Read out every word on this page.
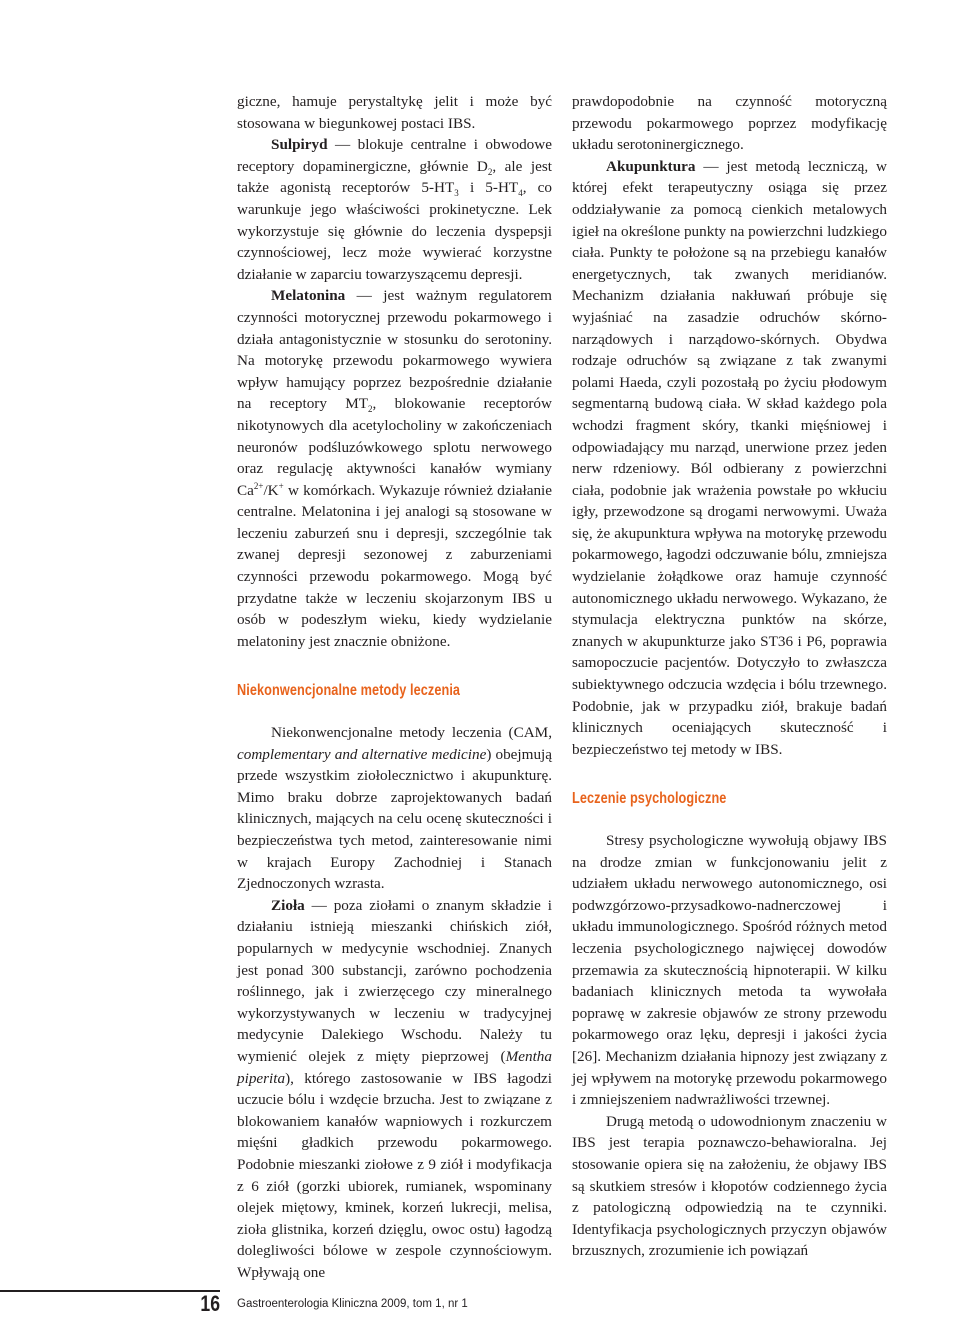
giczne, hamuje perystaltykę jelit i może być stosowana w biegunkowej postaci IBS.

Sulpiryd — blokuje centralne i obwodowe receptory dopaminergiczne, głównie $D_2$, ale jest także agonistą receptorów $5-HT_3$ i $5-HT_4$, co warunkuje jego właściwości prokinetyczne. Lek wykorzystuje się głównie do leczenia dyspepsji czynnościowej, lecz może wywierać korzystne działanie w zaparciu towarzyszącemu depresji.

Melatonina — jest ważnym regulatorem czynności motorycznej przewodu pokarmowego i działa antagonistycznie w stosunku do serotoniny. Na motorykę przewodu pokarmowego wywiera wpływ hamujący poprzez bezpośrednie działanie na receptory $MT_2$, blokowanie receptorów nikotynowych dla acetylocholiny w zakończeniach neuronów podśluzówkowego splotu nerwowego oraz regulację aktywności kanałów wymiany $Ca^{2+}/K^+$ w komórkach. Wykazuje również działanie centralne. Melatonina i jej analogi są stosowane w leczeniu zaburzeń snu i depresji, szczególnie tak zwanej depresji sezonowej z zaburzeniami czynności przewodu pokarmowego. Mogą być przydatne także w leczeniu skojarzonym IBS u osób w podeszłym wieku, kiedy wydzielanie melatoniny jest znacznie obniżone.

Niekonwencjonalne metody leczenia

Niekonwencjonalne metody leczenia (CAM, complementary and alternative medicine) obejmują przede wszystkim ziołolecznictwo i akupunkturę. Mimo braku dobrze zaprojektowanych badań klinicznych, mających na celu ocenę skuteczności i bezpieczeństwa tych metod, zainteresowanie nimi w krajach Europy Zachodniej i Stanach Zjednoczonych wzrasta.

Zioła — poza ziołami o znanym składzie i działaniu istnieją mieszanki chińskich ziół, popularnych w medycynie wschodniej. Znanych jest ponad 300 substancji, zarówno pochodzenia roślinnego, jak i zwierzęcego czy mineralnego wykorzystywanych w leczeniu w tradycyjnej medycynie Dalekiego Wschodu. Należy tu wymienić olejek z mięty pieprzowej (Mentha piperita), którego zastosowanie w IBS łagodzi uczucie bólu i wzdęcie brzucha. Jest to związane z blokowaniem kanałów wapniowych i rozkurczem mięśni gładkich przewodu pokarmowego. Podobnie mieszanki ziołowe z 9 ziół i modyfikacja z 6 ziół (gorzki ubiorek, rumianek, wspominany olejek miętowy, kminek, korzeń lukrecji, melisa, zioła glistnika, korzeń dzięglu, owoc ostu) łagodzą dolegliwości bólowe w zespole czynnościowym. Wpływają one

prawdopodobnie na czynność motoryczną przewodu pokarmowego poprzez modyfikację układu serotoninergicznego.

Akupunktura — jest metodą leczniczą, w której efekt terapeutyczny osiąga się przez oddziaływanie za pomocą cienkich metalowych igieł na określone punkty na powierzchni ludzkiego ciała. Punkty te położone są na przebiegu kanałów energetycznych, tak zwanych meridianów. Mechanizm działania nakłuwań próbuje się wyjaśniać na zasadzie odruchów skórno-narządowych i narządowo-skórnych. Obydwa rodzaje odruchów są związane z tak zwanymi polami Haeda, czyli pozostałą po życiu płodowym segmentarną budową ciała. W skład każdego pola wchodzi fragment skóry, tkanki mięśniowej i odpowiadający mu narząd, unerwione przez jeden nerw rdzeniowy. Ból odbierany z powierzchni ciała, podobnie jak wrażenia powstałe po wkłuciu igły, przewodzone są drogami nerwowymi. Uważa się, że akupunktura wpływa na motorykę przewodu pokarmowego, łagodzi odczuwanie bólu, zmniejsza wydzielanie żołądkowe oraz hamuje czynność autonomicznego układu nerwowego. Wykazano, że stymulacja elektryczna punktów na skórze, znanych w akupunkturze jako ST36 i P6, poprawia samopoczucie pacjentów. Dotyczyło to zwłaszcza subiektywnego odczucia wzdęcia i bólu trzewnego. Podobnie, jak w przypadku ziół, brakuje badań klinicznych oceniających skuteczność i bezpieczeństwo tej metody w IBS.

Leczenie psychologiczne

Stresy psychologiczne wywołują objawy IBS na drodze zmian w funkcjonowaniu jelit z udziałem układu nerwowego autonomicznego, osi podwzgórzowo-przysadkowo-nadnerczowej i układu immunologicznego. Spośród różnych metod leczenia psychologicznego najwięcej dowodów przemawia za skutecznością hipnoterapii. W kilku badaniach klinicznych metoda ta wywołała poprawę w zakresie objawów ze strony przewodu pokarmowego oraz lęku, depresji i jakości życia [26]. Mechanizm działania hipnozy jest związany z jej wpływem na motorykę przewodu pokarmowego i zmniejszeniem nadwrażliwości trzewnej.

Drugą metodą o udowodnionym znaczeniu w IBS jest terapia poznawczo-behawioralna. Jej stosowanie opiera się na założeniu, że objawy IBS są skutkiem stresów i kłopotów codziennego życia z patologiczną odpowiedzią na te czynniki. Identyfikacja psychologicznych przyczyn objawów brzusznych, zrozumienie ich powiązań

16 Gastroenterologia Kliniczna 2009, tom 1, nr 1
